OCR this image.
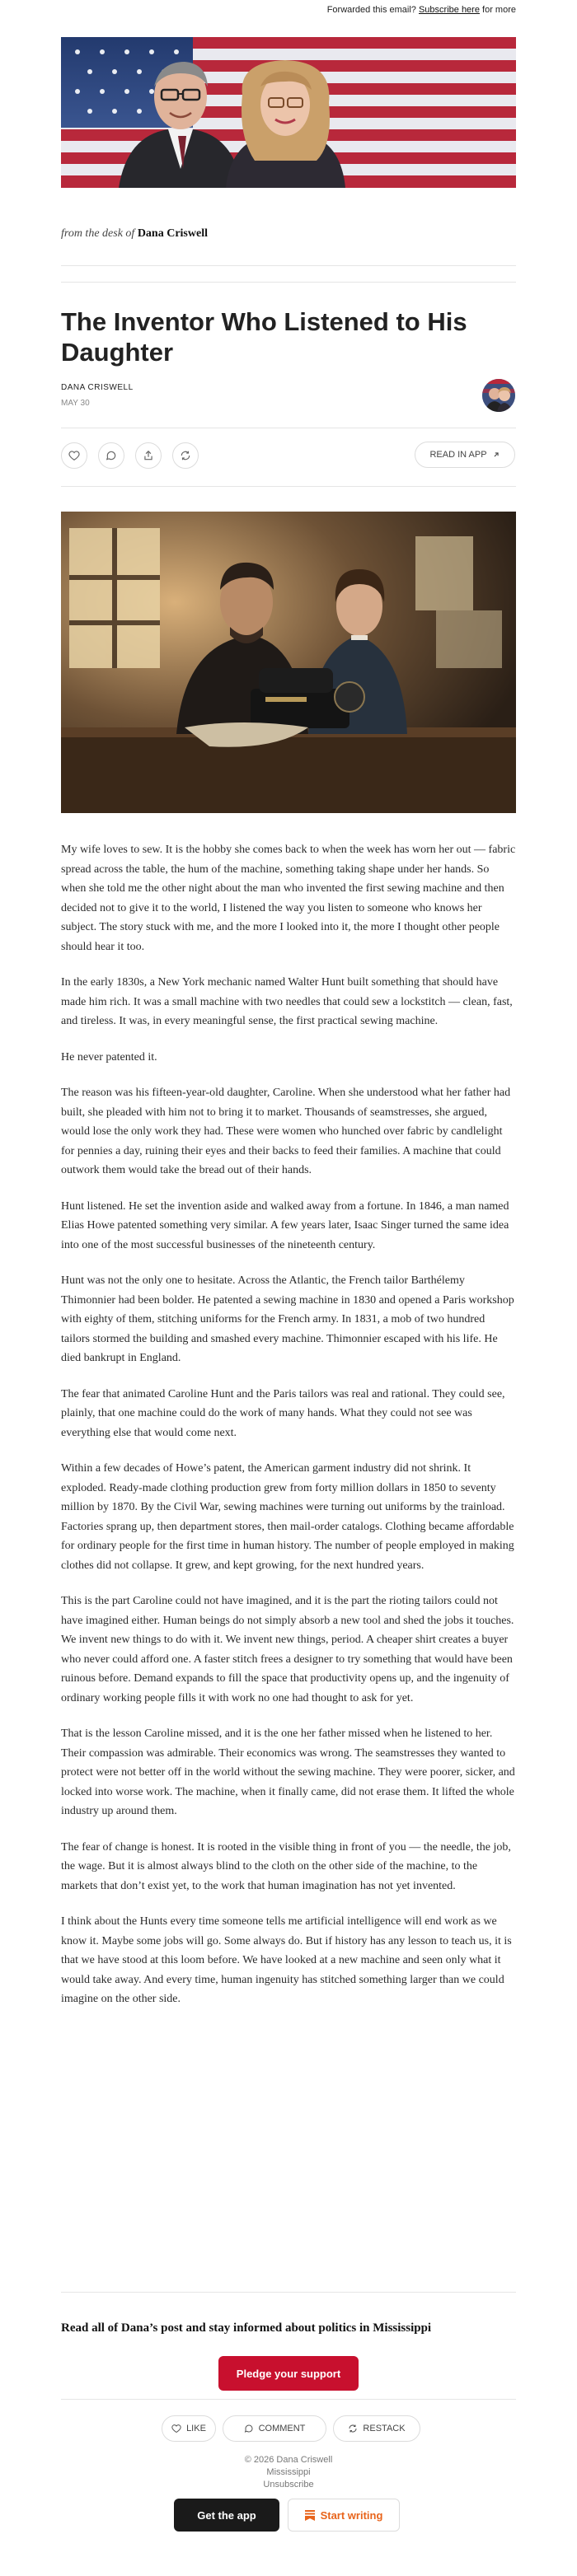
Forwarded this email? Subscribe here for more
from the desk of Dana Criswell
The Inventor Who Listened to His Daughter
DANA CRISWELL
MAY 30
READ IN APP

My wife loves to sew. It is the hobby she comes back to when the week has worn her out — fabric spread across the table, the hum of the machine, something taking shape under her hands. So when she told me the other night about the man who invented the first sewing machine and then decided not to give it to the world, I listened the way you listen to someone who knows her subject. The story stuck with me, and the more I looked into it, the more I thought other people should hear it too.

In the early 1830s, a New York mechanic named Walter Hunt built something that should have made him rich. It was a small machine with two needles that could sew a lockstitch — clean, fast, and tireless. It was, in every meaningful sense, the first practical sewing machine.

He never patented it.

The reason was his fifteen-year-old daughter, Caroline. When she understood what her father had built, she pleaded with him not to bring it to market. Thousands of seamstresses, she argued, would lose the only work they had. These were women who hunched over fabric by candlelight for pennies a day, ruining their eyes and their backs to feed their families. A machine that could outwork them would take the bread out of their hands.

Hunt listened. He set the invention aside and walked away from a fortune. In 1846, a man named Elias Howe patented something very similar. A few years later, Isaac Singer turned the same idea into one of the most successful businesses of the nineteenth century.

Hunt was not the only one to hesitate. Across the Atlantic, the French tailor Barthélemy Thimonnier had been bolder. He patented a sewing machine in 1830 and opened a Paris workshop with eighty of them, stitching uniforms for the French army. In 1831, a mob of two hundred tailors stormed the building and smashed every machine. Thimonnier escaped with his life. He died bankrupt in England.

The fear that animated Caroline Hunt and the Paris tailors was real and rational. They could see, plainly, that one machine could do the work of many hands. What they could not see was everything else that would come next.

Within a few decades of Howe’s patent, the American garment industry did not shrink. It exploded. Ready-made clothing production grew from forty million dollars in 1850 to seventy million by 1870. By the Civil War, sewing machines were turning out uniforms by the trainload. Factories sprang up, then department stores, then mail-order catalogs. Clothing became affordable for ordinary people for the first time in human history. The number of people employed in making clothes did not collapse. It grew, and kept growing, for the next hundred years.

This is the part Caroline could not have imagined, and it is the part the rioting tailors could not have imagined either. Human beings do not simply absorb a new tool and shed the jobs it touches. We invent new things to do with it. We invent new things, period. A cheaper shirt creates a buyer who never could afford one. A faster stitch frees a designer to try something that would have been ruinous before. Demand expands to fill the space that productivity opens up, and the ingenuity of ordinary working people fills it with work no one had thought to ask for yet.

That is the lesson Caroline missed, and it is the one her father missed when he listened to her. Their compassion was admirable. Their economics was wrong. The seamstresses they wanted to protect were not better off in the world without the sewing machine. They were poorer, sicker, and locked into worse work. The machine, when it finally came, did not erase them. It lifted the whole industry up around them.

The fear of change is honest. It is rooted in the visible thing in front of you — the needle, the job, the wage. But it is almost always blind to the cloth on the other side of the machine, to the markets that don’t exist yet, to the work that human imagination has not yet invented.

I think about the Hunts every time someone tells me artificial intelligence will end work as we know it. Maybe some jobs will go. Some always do. But if history has any lesson to teach us, it is that we have stood at this loom before. We have looked at a new machine and seen only what it would take away. And every time, human ingenuity has stitched something larger than we could imagine on the other side.

Read all of Dana’s post and stay informed about politics in Mississippi
Pledge your support
LIKE	COMMENT	RESTACK
© 2026 Dana Criswell
Mississippi
Unsubscribe
Get the app	Start writing
